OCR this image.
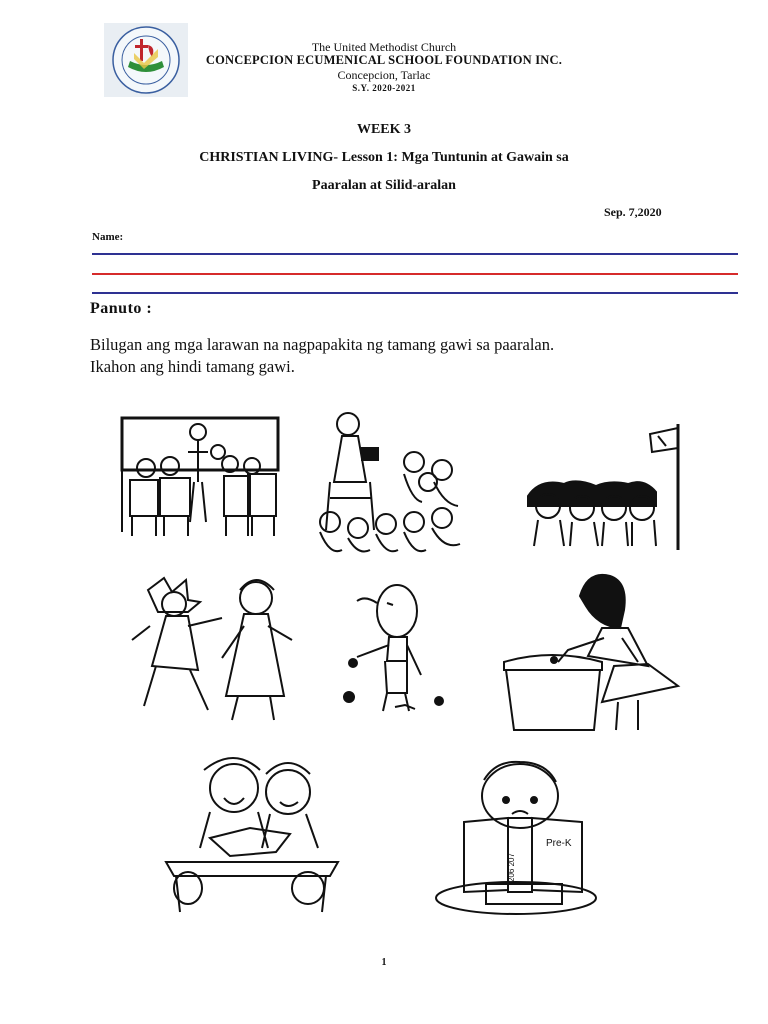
The United Methodist Church
CONCEPCION ECUMENICAL SCHOOL FOUNDATION INC.
Concepcion, Tarlac
S.Y. 2020-2021
WEEK 3
CHRISTIAN LIVING- Lesson 1: Mga Tuntunin at Gawain sa
Paaralan at Silid-aralan
Sep. 7,2020
Name:
Panuto :
Bilugan ang mga larawan na nagpapakita ng tamang gawi sa paaralan.
Ikahon ang hindi tamang gawi.
Pre-K
206 207
1
